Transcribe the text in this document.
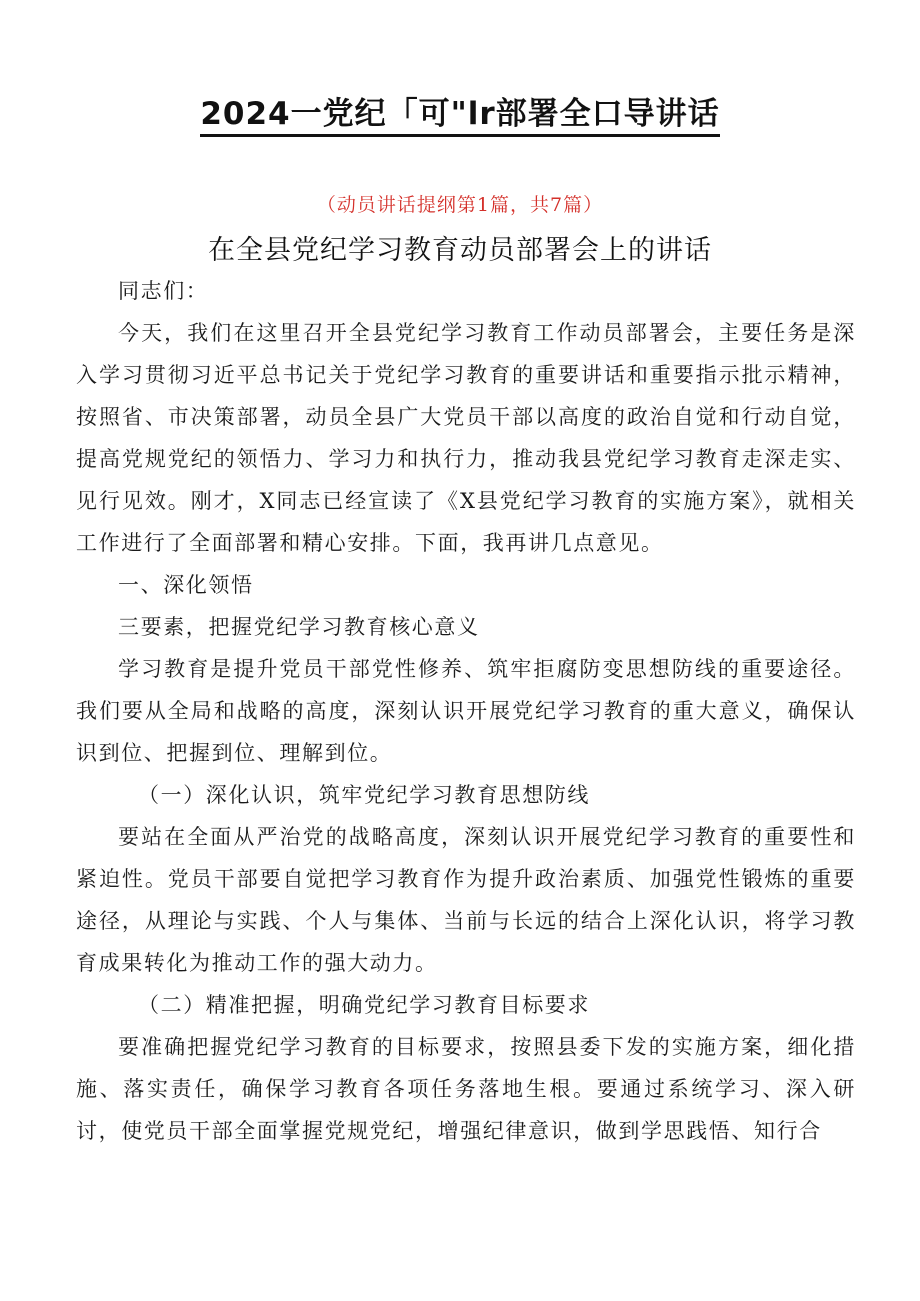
2024一党纪「可"lr部署全口导讲话
（动员讲话提纲第1篇，共7篇）
在全县党纪学习教育动员部署会上的讲话

同志们：

今天，我们在这里召开全县党纪学习教育工作动员部署会，主要任务是深入学习贯彻习近平总书记关于党纪学习教育的重要讲话和重要指示批示精神，按照省、市决策部署，动员全县广大党员干部以高度的政治自觉和行动自觉，提高党规党纪的领悟力、学习力和执行力，推动我县党纪学习教育走深走实、见行见效。刚才，X同志已经宣读了《X县党纪学习教育的实施方案》，就相关工作进行了全面部署和精心安排。下面，我再讲几点意见。

一、深化领悟

三要素，把握党纪学习教育核心意义

学习教育是提升党员干部党性修养、筑牢拒腐防变思想防线的重要途径。我们要从全局和战略的高度，深刻认识开展党纪学习教育的重大意义，确保认识到位、把握到位、理解到位。

（一）深化认识，筑牢党纪学习教育思想防线

要站在全面从严治党的战略高度，深刻认识开展党纪学习教育的重要性和紧迫性。党员干部要自觉把学习教育作为提升政治素质、加强党性锻炼的重要途径，从理论与实践、个人与集体、当前与长远的结合上深化认识，将学习教育成果转化为推动工作的强大动力。

（二）精准把握，明确党纪学习教育目标要求

要准确把握党纪学习教育的目标要求，按照县委下发的实施方案，细化措施、落实责任，确保学习教育各项任务落地生根。要通过系统学习、深入研讨，使党员干部全面掌握党规党纪，增强纪律意识，做到学思践悟、知行合
